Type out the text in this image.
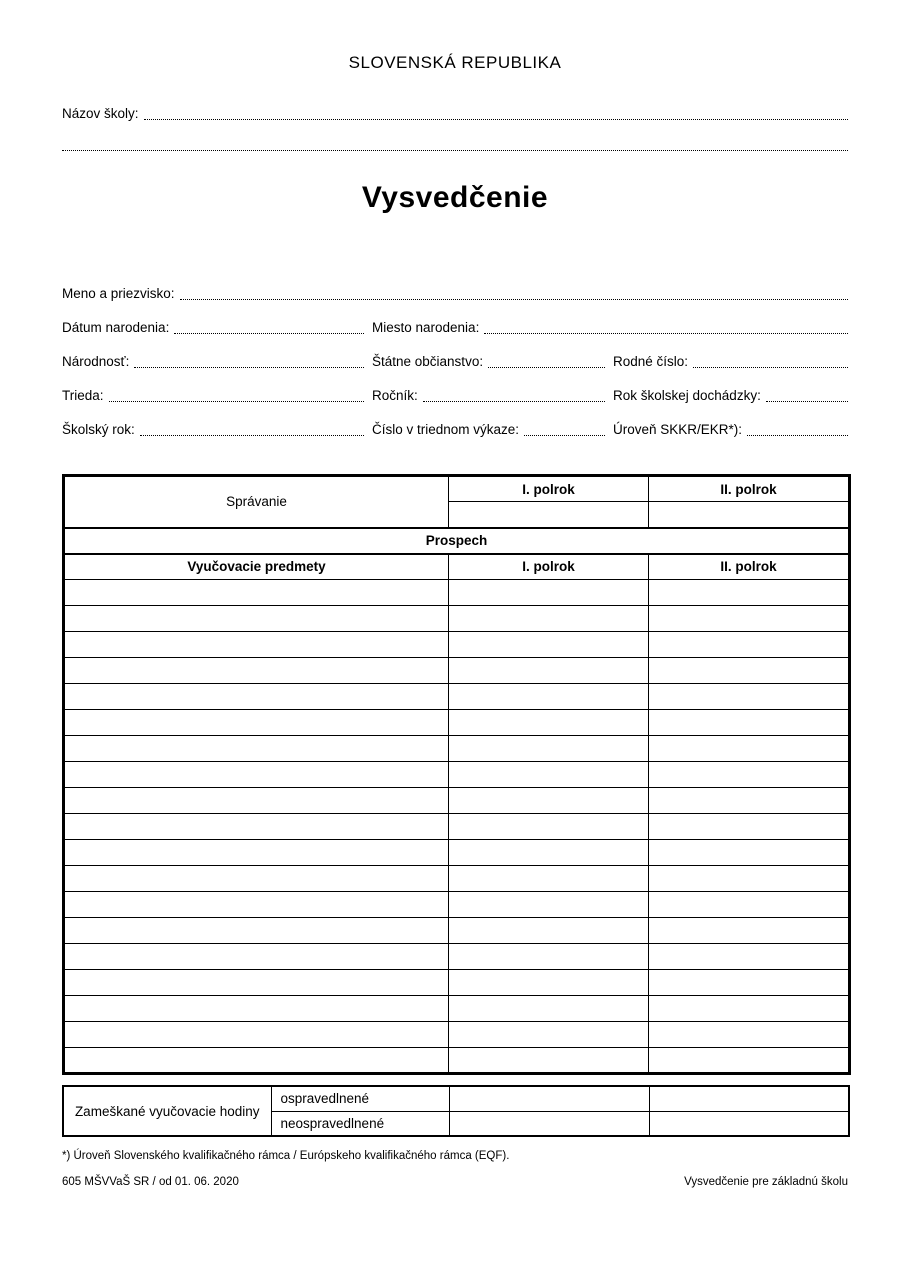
SLOVENSKÁ REPUBLIKA
Názov školy:
Vysvedčenie
Meno a priezvisko:
Dátum narodenia:	Miesto narodenia:
Národnosť:	Štátne občianstvo:	Rodné číslo:
Trieda:	Ročník:	Rok školskej dochádzky:
Školský rok:	Číslo v triednom výkaze:	Úroveň SKKR/EKR*):
Správanie	I. polrok	II. polrok

Prospech		
Vyučovacie predmety	I. polrok	II. polrok

Zameškané vyučovacie hodiny	ospravedlnené		
	neospravedlnené		
*) Úroveň Slovenského kvalifikačného rámca / Európskeho kvalifikačného rámca (EQF).
605 MŠVVaŠ SR / od 01. 06. 2020	Vysvedčenie pre základnú školu
